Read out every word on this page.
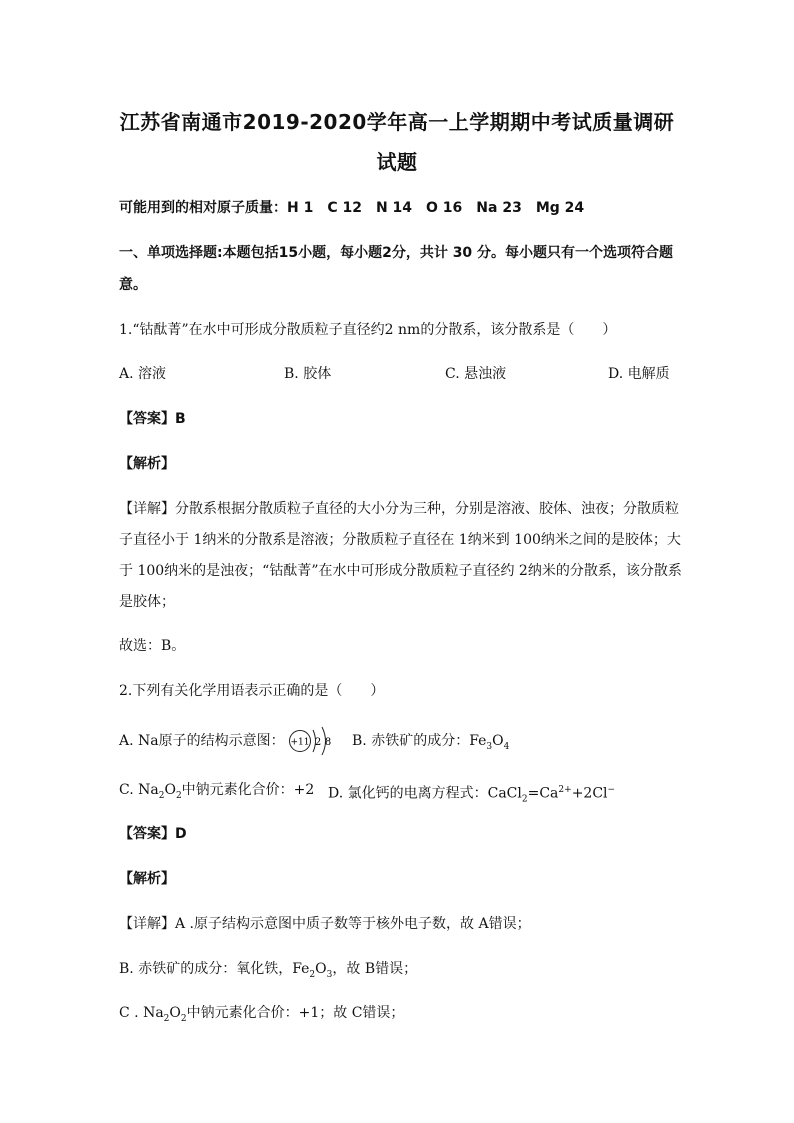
江苏省南通市2019-2020学年高一上学期期中考试质量调研
试题
可能用到的相对原子质量：H 1　C 12　N 14　O 16　Na 23　Mg 24
一、单项选择题:本题包括15小题，每小题2分，共计 30 分。每小题只有一个选项符合题
意。
1.“钴酞菁”在水中可形成分散质粒子直径约2 nm的分散系，该分散系是（　　）
A. 溶液	B. 胶体	C. 悬浊液	D. 电解质
【答案】B
【解析】
【详解】分散系根据分散质粒子直径的大小分为三种，分别是溶液、胶体、浊夜；分散质粒
子直径小于 1纳米的分散系是溶液；分散质粒子直径在 1纳米到 100纳米之间的是胶体；大
于 100纳米的是浊夜；“钴酞菁”在水中可形成分散质粒子直径约 2纳米的分散系，该分散系
是胶体；
故选：B。
2.下列有关化学用语表示正确的是（　　）
A. Na原子的结构示意图： +11 2 8 B. 赤铁矿的成分：$Fe_3O_4$
C. $Na_2O_2$中钠元素化合价：+2 D. 氯化钙的电离方程式：$CaCl_2=Ca^{2+}+2Cl^-$
【答案】D
【解析】
【详解】A .原子结构示意图中质子数等于核外电子数，故 A错误；
B. 赤铁矿的成分：氧化铁，$Fe_2O_3$，故 B错误；
C . $Na_2O_2$中钠元素化合价：+1；故 C错误；
